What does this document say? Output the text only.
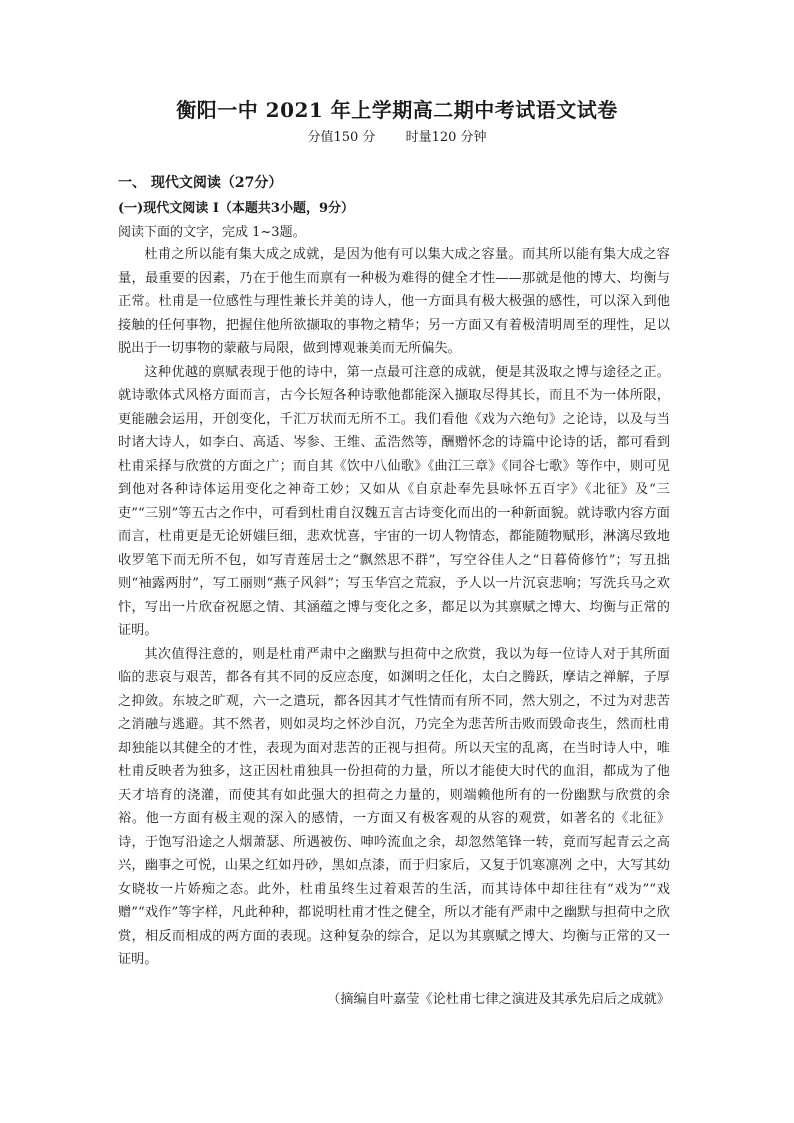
衡阳一中 2021 年上学期高二期中考试语文试卷
分值150 分 时量120 分钟
一、 现代文阅读（27分）
(一)现代文阅读 I（本题共3小题，9分）
阅读下面的文字，完成 1~3题。

杜甫之所以能有集大成之成就，是因为他有可以集大成之容量。而其所以能有集大成之容量，最重要的因素，乃在于他生而禀有一种极为难得的健全才性——那就是他的博大、均衡与正常。杜甫是一位感性与理性兼长并美的诗人，他一方面具有极大极强的感性，可以深入到他接触的任何事物，把握住他所欲撷取的事物之精华；另一方面又有着极清明周至的理性，足以脱出于一切事物的蒙蔽与局限，做到博观兼美而无所偏失。

这种优越的禀赋表现于他的诗中，第一点最可注意的成就，便是其汲取之博与途径之正。就诗歌体式风格方面而言，古今长短各种诗歌他都能深入撷取尽得其长，而且不为一体所限，更能融会运用，开创变化，千汇万状而无所不工。我们看他《戏为六绝句》之论诗，以及与当时诸大诗人，如李白、高适、岑参、王维、孟浩然等，酬赠怀念的诗篇中论诗的话，都可看到杜甫采择与欣赏的方面之广；而自其《饮中八仙歌》《曲江三章》《同谷七歌》等作中，则可见到他对各种诗体运用变化之神奇工妙；又如从《自京赴奉先县咏怀五百字》《北征》及“三吏”“三别”等五古之作中，可看到杜甫自汉魏五言古诗变化而出的一种新面貌。就诗歌内容方面而言，杜甫更是无论妍媸巨细，悲欢忧喜，宇宙的一切人物情态，都能随物赋形，淋漓尽致地收罗笔下而无所不包，如写青莲居士之“飘然思不群”，写空谷佳人之“日暮倚修竹”；写丑拙则“袖露两肘”，写工丽则“燕子风斜”；写玉华宫之荒寂，予人以一片沉哀悲响；写洗兵马之欢忭，写出一片欣奋祝愿之情、其涵蕴之博与变化之多，都足以为其禀赋之博大、均衡与正常的证明。

其次值得注意的，则是杜甫严肃中之幽默与担荷中之欣赏，我以为每一位诗人对于其所面临的悲哀与艰苦，都各有其不同的反应态度，如渊明之任化，太白之腾跃，摩诘之禅解，子厚之抑敛。东坡之旷观，六一之遣玩，都各因其才气性情而有所不同，然大别之，不过为对悲苦之消融与逃避。其不然者，则如灵均之怀沙自沉，乃完全为悲苦所击败而毁命丧生，然而杜甫却独能以其健全的才性，表现为面对悲苦的正视与担荷。所以天宝的乱离，在当时诗人中，唯杜甫反映者为独多，这正因杜甫独具一份担荷的力量，所以才能使大时代的血泪，都成为了他天才培育的浇灌，而使其有如此强大的担荷之力量的，则端赖他所有的一份幽默与欣赏的余裕。他一方面有极主观的深入的感情，一方面又有极客观的从容的观赏，如著名的《北征》诗，于饱写沿途之人烟萧瑟、所遇被伤、呻吟流血之余，却忽然笔锋一转，竟而写起青云之高兴，幽事之可悦，山果之红如丹砂，黑如点漆，而于归家后，又复于饥寒凛冽 之中，大写其幼女晓妆一片娇痴之态。此外，杜甫虽终生过着艰苦的生活，而其诗体中却往往有“戏为”“戏赠”“戏作”等字样，凡此种种，都说明杜甫才性之健全，所以才能有严肃中之幽默与担荷中之欣赏，相反而相成的两方面的表现。这种复杂的综合，足以为其禀赋之博大、均衡与正常的又一证明。

（摘编自叶嘉莹《论杜甫七律之演进及其承先启后之成就》
